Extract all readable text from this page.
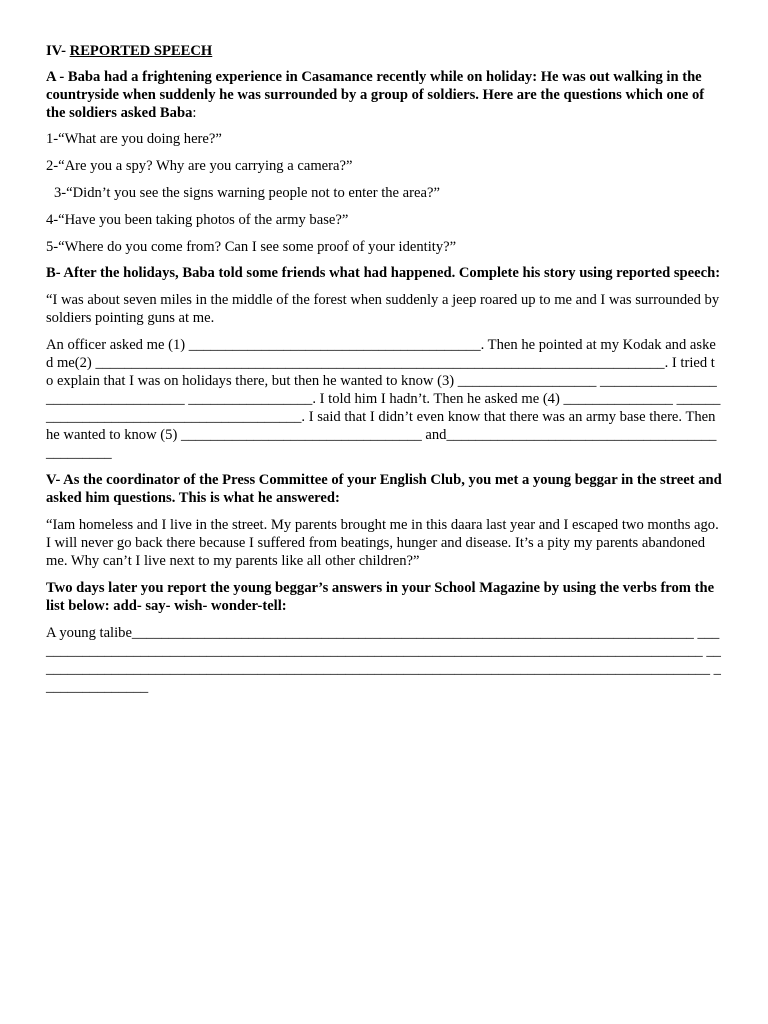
IV- REPORTED SPEECH

A - Baba had a frightening experience in Casamance recently while on holiday: He was out walking in the countryside when suddenly he was surrounded by a group of soldiers. Here are the questions which one of the soldiers asked Baba:

1-“What are you doing here?”

2-“Are you a spy? Why are you carrying a camera?”

3-“Didn’t you see the signs warning people not to enter the area?”

4-“Have you been taking photos of the army base?”

5-“Where do you come from? Can I see some proof of your identity?”

B- After the holidays, Baba told some friends what had happened. Complete his story using reported speech:

“I was about seven miles in the middle of the forest when suddenly a jeep roared up to me and I was surrounded by soldiers pointing guns at me.

An officer asked me (1) ________________________________________. Then he pointed at my Kodak and asked me(2) ______________________________________________________________________________. I tried to explain that I was on holidays there, but then he wanted to know (3) ___________________ ___________________________________ _________________. I told him I hadn’t. Then he asked me (4) _______________ _________________________________________. I said that I didn’t even know that there was an army base there. Then he wanted to know (5) _________________________________ and______________________________________________

V- As the coordinator of the Press Committee of your English Club, you met a young beggar in the street and asked him questions. This is what he answered:

“Iam homeless and I live in the street. My parents brought me in this daara last year and I escaped two months ago. I will never go back there because I suffered from beatings, hunger and disease. It’s a pity my parents abandoned me. Why can’t I live next to my parents like all other children?”

Two days later you report the young beggar’s answers in your School Magazine by using the verbs from the list below: add- say- wish- wonder-tell:

A young talibe_____________________________________________________________________________ _____________________________________________________________________________________________ _____________________________________________________________________________________________ _______________
